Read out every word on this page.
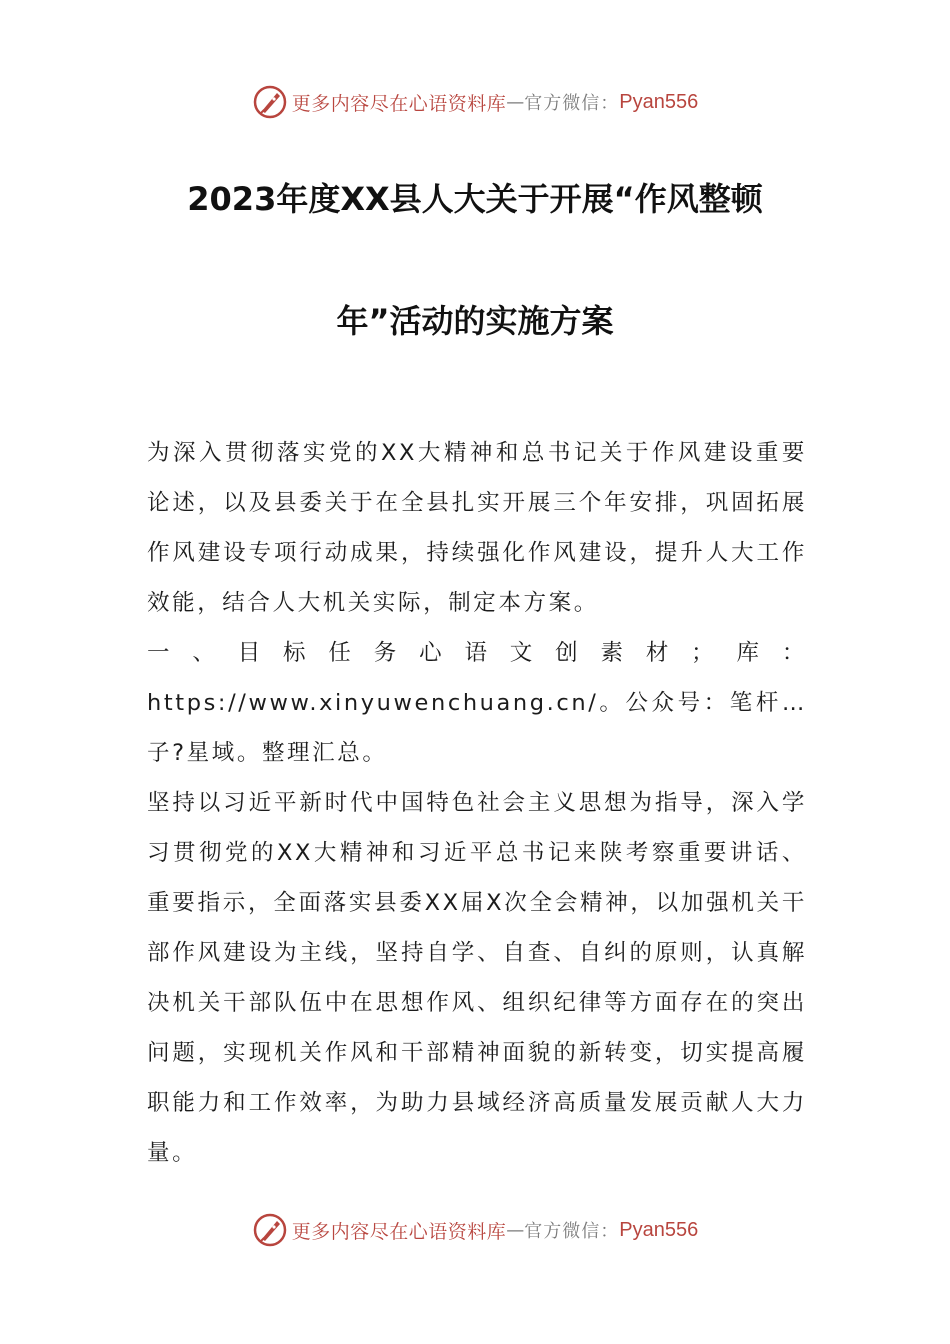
更多内容尽在心语资料库 — 官方微信： Pyan556
2023年度XX县人大关于开展“作风整顿
年”活动的实施方案

为深入贯彻落实党的XX大精神和总书记关于作风建设重要论述，以及县委关于在全县扎实开展三个年安排，巩固拓展作风建设专项行动成果，持续强化作风建设，提升人大工作效能，结合人大机关实际，制定本方案。

一、目标任务心语文创素材；库：https://www.xinyuwenchuang.cn/。公众号：笔杆…子?星域。整理汇总。

坚持以习近平新时代中国特色社会主义思想为指导，深入学习贯彻党的XX大精神和习近平总书记来陕考察重要讲话、重要指示，全面落实县委XX届X次全会精神，以加强机关干部作风建设为主线，坚持自学、自查、自纠的原则，认真解决机关干部队伍中在思想作风、组织纪律等方面存在的突出问题，实现机关作风和干部精神面貌的新转变，切实提高履职能力和工作效率，为助力县域经济高质量发展贡献人大力量。

更多内容尽在心语资料库 — 官方微信： Pyan556
